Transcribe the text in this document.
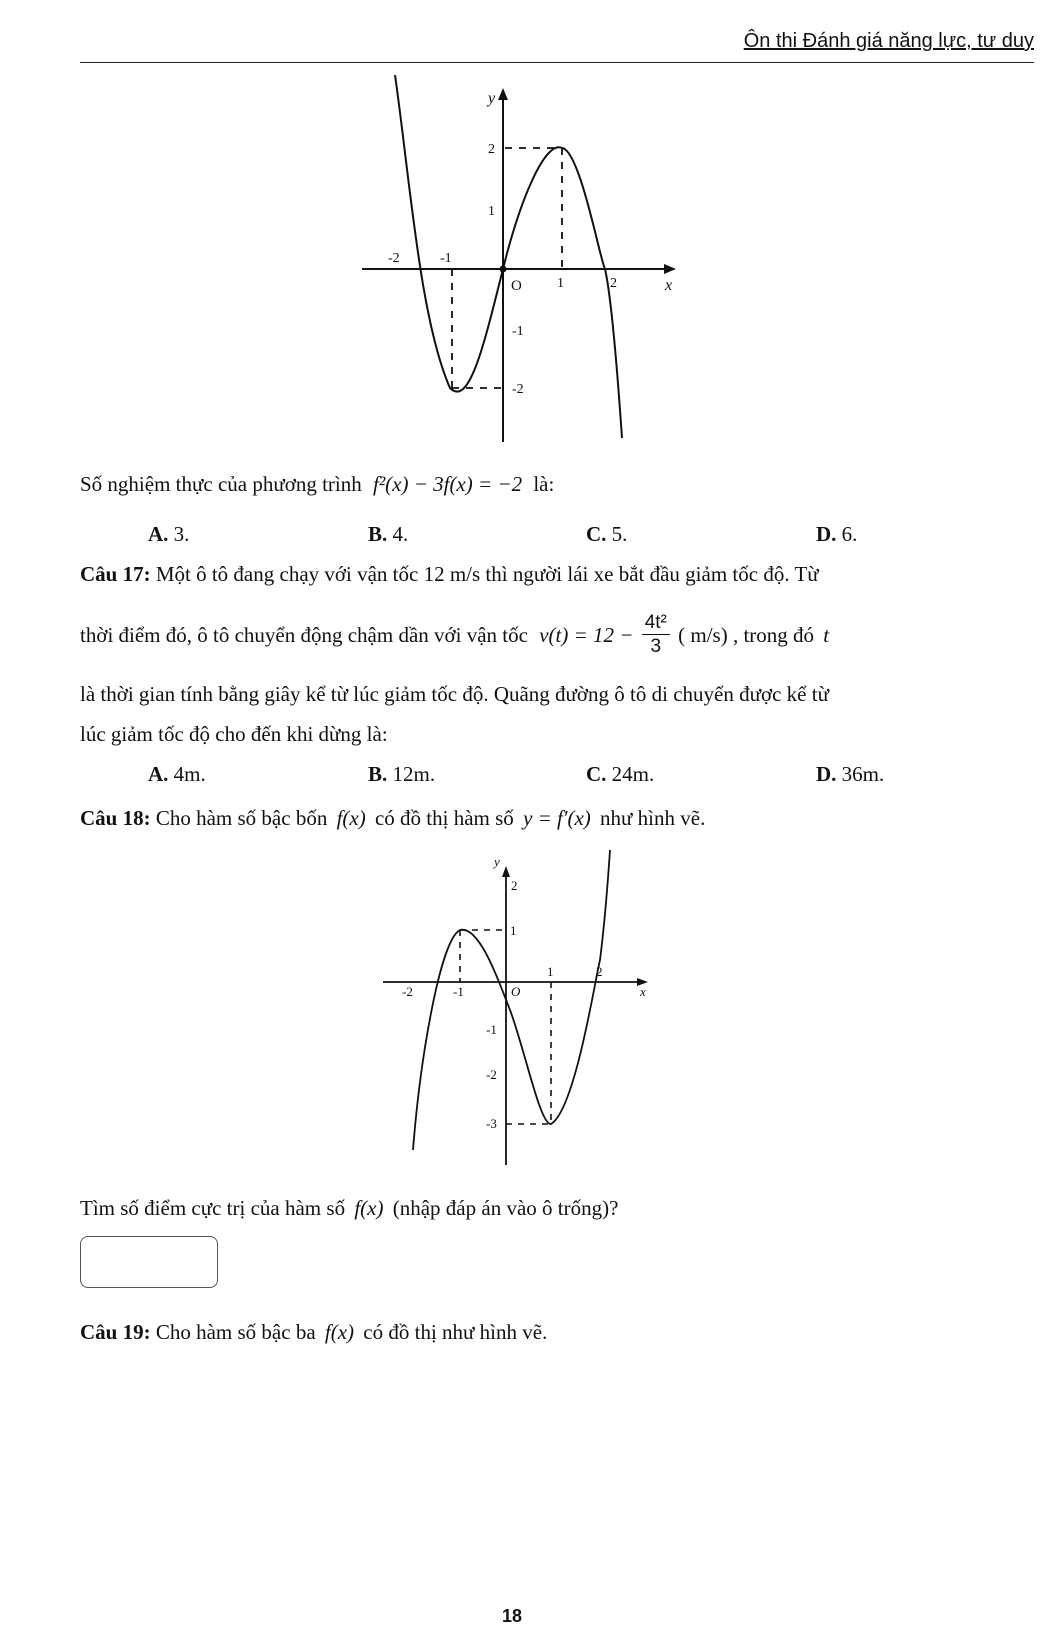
Ôn thi Đánh giá năng lực, tư duy
y
x
O
-2	-1
1	2
2
1
-1
-2
Số nghiệm thực của phương trình f²(x) − 3f(x) = −2 là:
A. 3.	B. 4.	C. 5.	D. 6.
Câu 17: Một ô tô đang chạy với vận tốc 12 m/s thì người lái xe bắt đầu giảm tốc độ. Từ
thời điểm đó, ô tô chuyển động chậm dần với vận tốc $v(t) = 12 - \frac{\text{4t²}}{3}$ ( m/s) , trong đó t
là thời gian tính bằng giây kể từ lúc giảm tốc độ. Quãng đường ô tô di chuyển được kể từ
lúc giảm tốc độ cho đến khi dừng là:
A. 4m.	B. 12m.	C. 24m.	D. 36m.
Câu 18: Cho hàm số bậc bốn f(x) có đồ thị hàm số y = f′(x) như hình vẽ.
y
x
O
-2	-1
1	2
2
1
-1
-2
-3
Tìm số điểm cực trị của hàm số f(x) (nhập đáp án vào ô trống)?
Câu 19: Cho hàm số bậc ba f(x) có đồ thị như hình vẽ.
18
